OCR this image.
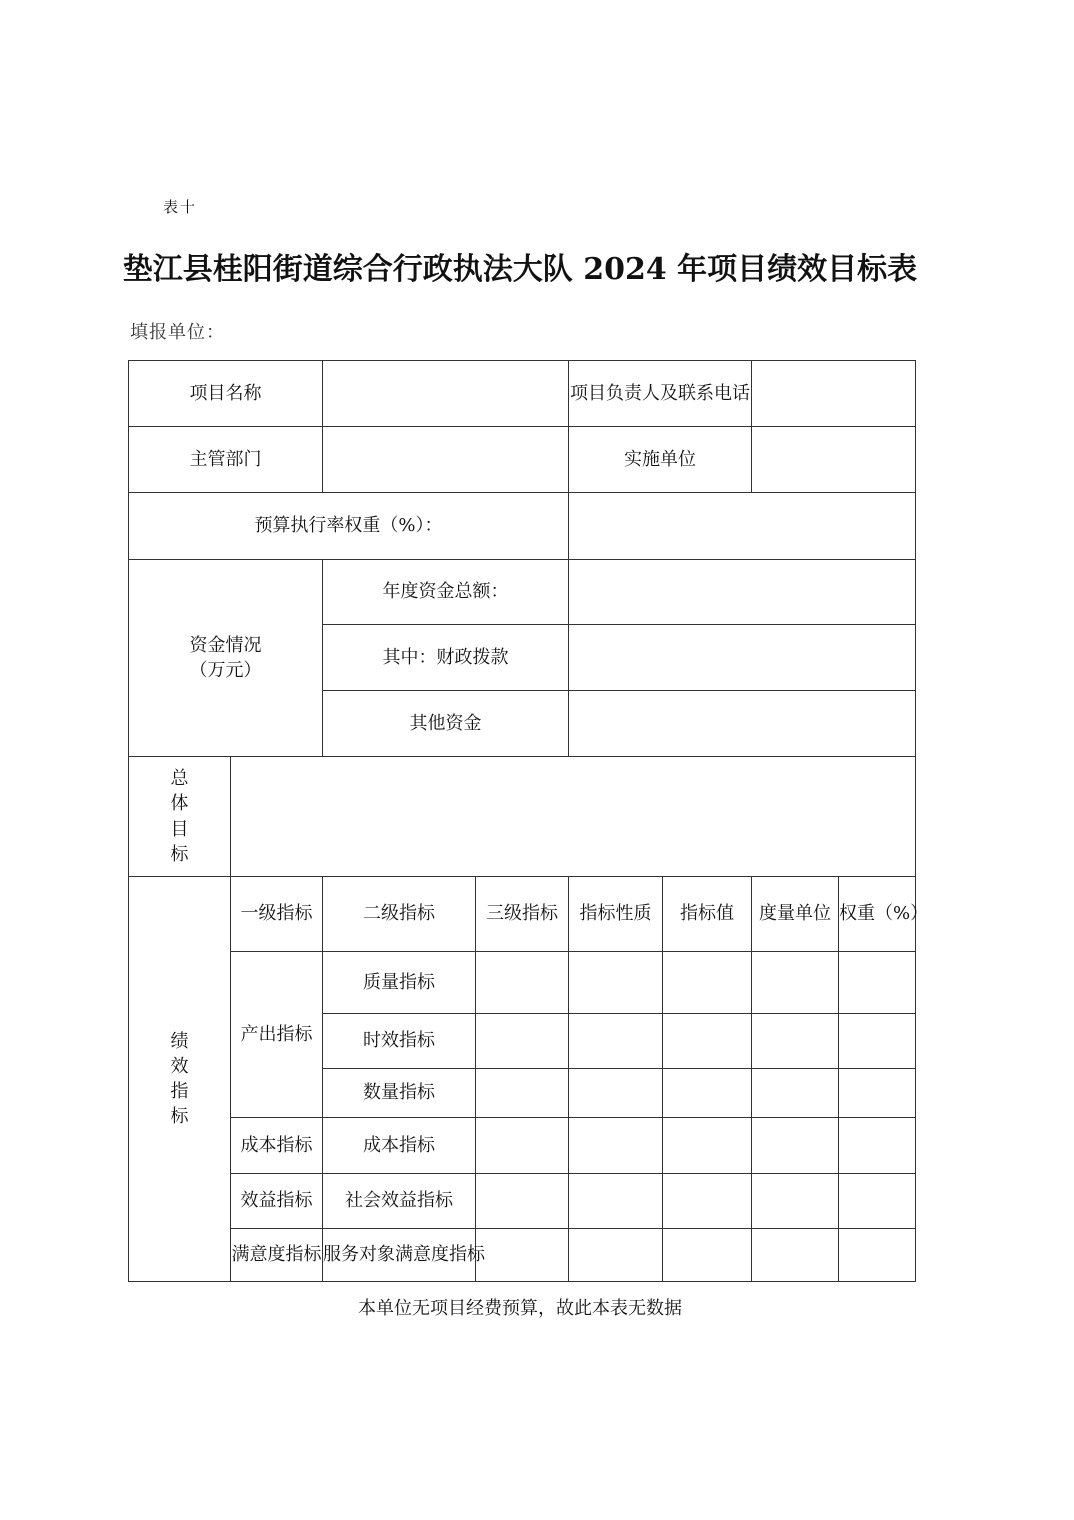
表十
垫江县桂阳街道综合行政执法大队 2024 年项目绩效目标表
填报单位：
项目名称				项目负责人及联系电话			
主管部门				实施单位			
预算执行率权重（%）：							

资金情况
（万元）		年度资金总额：					
		其中：财政拨款					
		其他资金					

总
体
目
标							

绩
效
指
标	一级指标	二级指标	三级指标	指标性质	指标值	度量单位	权重（%）
	产出指标	质量指标					
		时效指标					
		数量指标					
	成本指标	成本指标					
	效益指标	社会效益指标					
	满意度指标	服务对象满意度指标					
本单位无项目经费预算，故此本表无数据
